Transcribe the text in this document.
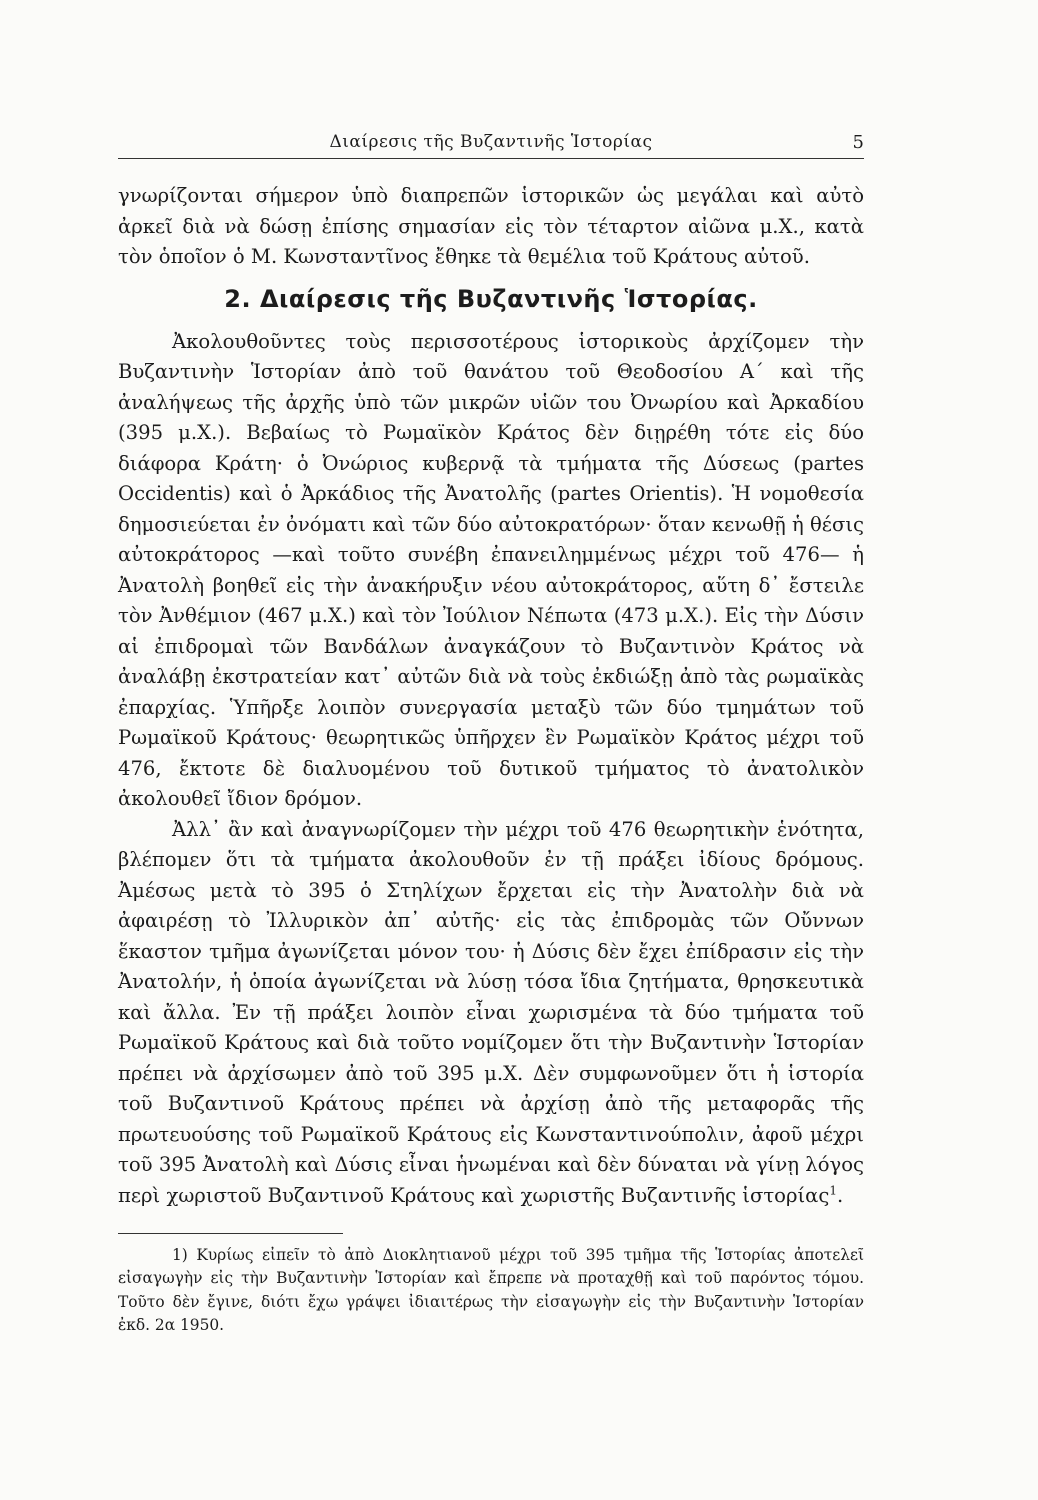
Διαίρεσις τῆς Βυζαντινῆς Ἱστορίας	5

γνωρίζονται σήμερον ὑπὸ διαπρεπῶν ἱστορικῶν ὡς μεγάλαι καὶ αὐτὸ ἀρκεῖ διὰ νὰ δώσῃ ἐπίσης σημασίαν εἰς τὸν τέταρτον αἰῶνα μ.Χ., κατὰ τὸν ὁποῖον ὁ Μ. Κωνσταντῖνος ἔθηκε τὰ θεμέλια τοῦ Κράτους αὐτοῦ.

2. Διαίρεσις τῆς Βυζαντινῆς Ἱστορίας.

Ἀκολουθοῦντες τοὺς περισσοτέρους ἱστορικοὺς ἀρχίζομεν τὴν Βυζαντινὴν Ἱστορίαν ἀπὸ τοῦ θανάτου τοῦ Θεοδοσίου Α΄ καὶ τῆς ἀναλήψεως τῆς ἀρχῆς ὑπὸ τῶν μικρῶν υἱῶν του Ὀνωρίου καὶ Ἀρκαδίου (395 μ.Χ.). Βεβαίως τὸ Ρωμαϊκὸν Κράτος δὲν διῃρέθη τότε εἰς δύο διάφορα Κράτη· ὁ Ὀνώριος κυβερνᾷ τὰ τμήματα τῆς Δύσεως (partes Occidentis) καὶ ὁ Ἀρκάδιος τῆς Ἀνατολῆς (partes Orientis). Ἡ νομοθεσία δημοσιεύεται ἐν ὀνόματι καὶ τῶν δύο αὐτοκρατόρων· ὅταν κενωθῇ ἡ θέσις αὐτοκράτορος —καὶ τοῦτο συνέβη ἐπανειλημμένως μέχρι τοῦ 476— ἡ Ἀνατολὴ βοηθεῖ εἰς τὴν ἀνακήρυξιν νέου αὐτοκράτορος, αὕτη δ᾽ ἔστειλε τὸν Ἀνθέμιον (467 μ.Χ.) καὶ τὸν Ἰούλιον Νέπωτα (473 μ.Χ.). Εἰς τὴν Δύσιν αἱ ἐπιδρομαὶ τῶν Βανδάλων ἀναγκάζουν τὸ Βυζαντινὸν Κράτος νὰ ἀναλάβῃ ἐκστρατείαν κατ᾽ αὐτῶν διὰ νὰ τοὺς ἐκδιώξῃ ἀπὸ τὰς ρωμαϊκὰς ἐπαρχίας. Ὑπῆρξε λοιπὸν συνεργασία μεταξὺ τῶν δύο τμημάτων τοῦ Ρωμαϊκοῦ Κράτους· θεωρητικῶς ὑπῆρχεν ἓν Ρωμαϊκὸν Κράτος μέχρι τοῦ 476, ἔκτοτε δὲ διαλυομένου τοῦ δυτικοῦ τμήματος τὸ ἀνατολικὸν ἀκολουθεῖ ἴδιον δρόμον.

Ἀλλ᾽ ἂν καὶ ἀναγνωρίζομεν τὴν μέχρι τοῦ 476 θεωρητικὴν ἑνότητα, βλέπομεν ὅτι τὰ τμήματα ἀκολουθοῦν ἐν τῇ πράξει ἰδίους δρόμους. Ἀμέσως μετὰ τὸ 395 ὁ Στηλίχων ἔρχεται εἰς τὴν Ἀνατολὴν διὰ νὰ ἀφαιρέσῃ τὸ Ἰλλυρικὸν ἀπ᾽ αὐτῆς· εἰς τὰς ἐπιδρομὰς τῶν Οὔννων ἕκαστον τμῆμα ἀγωνίζεται μόνον του· ἡ Δύσις δὲν ἔχει ἐπίδρασιν εἰς τὴν Ἀνατολήν, ἡ ὁποία ἀγωνίζεται νὰ λύσῃ τόσα ἴδια ζητήματα, θρησκευτικὰ καὶ ἄλλα. Ἐν τῇ πράξει λοιπὸν εἶναι χωρισμένα τὰ δύο τμήματα τοῦ Ρωμαϊκοῦ Κράτους καὶ διὰ τοῦτο νομίζομεν ὅτι τὴν Βυζαντινὴν Ἱστορίαν πρέπει νὰ ἀρχίσωμεν ἀπὸ τοῦ 395 μ.Χ. Δὲν συμφωνοῦμεν ὅτι ἡ ἱστορία τοῦ Βυζαντινοῦ Κράτους πρέπει νὰ ἀρχίσῃ ἀπὸ τῆς μεταφορᾶς τῆς πρωτευούσης τοῦ Ρωμαϊκοῦ Κράτους εἰς Κωνσταντινούπολιν, ἀφοῦ μέχρι τοῦ 395 Ἀνατολὴ καὶ Δύσις εἶναι ἡνωμέναι καὶ δὲν δύναται νὰ γίνῃ λόγος περὶ χωριστοῦ Βυζαντινοῦ Κράτους καὶ χωριστῆς Βυζαντινῆς ἱστορίας$^1$.

1) Κυρίως εἰπεῖν τὸ ἀπὸ Διοκλητιανοῦ μέχρι τοῦ 395 τμῆμα τῆς Ἱστορίας ἀποτελεῖ εἰσαγωγὴν εἰς τὴν Βυζαντινὴν Ἱστορίαν καὶ ἔπρεπε νὰ προταχθῇ καὶ τοῦ παρόντος τόμου. Τοῦτο δὲν ἔγινε, διότι ἔχω γράψει ἰδιαιτέρως τὴν εἰσαγωγὴν εἰς τὴν Βυζαντινὴν Ἱστορίαν ἐκδ. 2α 1950.
